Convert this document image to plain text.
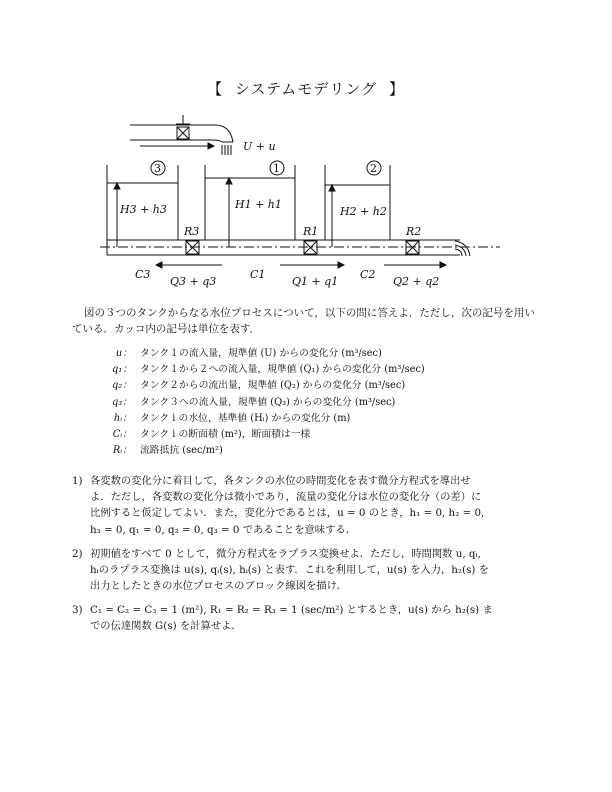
【 システムモデリング 】
U + u
3	1	2
H3 + h3	H1 + h1
H2 + h2
R3	R1	R2
C3
Q3 + q3
C1
Q1 + q1
C2
Q2 + q2

図の３つのタンクからなる水位プロセスについて，以下の問に答えよ．ただし，次の記号を用いている．カッコ内の記号は単位を表す．

u： タンク１の流入量，規準値 (U) からの変化分 (m³/sec)
q₁： タンク１から２への流入量，規準値 (Q₁) からの変化分 (m³/sec)
q₂： タンク２からの流出量，規準値 (Q₂) からの変化分 (m³/sec)
q₃： タンク３への流入量，規準値 (Q₃) からの変化分 (m³/sec)
hᵢ： タンク i の水位，基準値 (Hᵢ) からの変化分 (m)
Cᵢ： タンク i の断面積 (m²)，断面積は一様
Rᵢ： 流路抵抗 (sec/m²)
1) 各変数の変化分に着目して，各タンクの水位の時間変化を表す微分方程式を導出せ
よ．ただし，各変数の変化分は微小であり，流量の変化分は水位の変化分（の差）に
比例すると仮定してよい．また，変化分であるとは，u = 0 のとき，h₁ = 0, h₂ = 0,
h₃ = 0, q₁ = 0, q₂ = 0, q₃ = 0 であることを意味する．
2) 初期値をすべて 0 として，微分方程式をラプラス変換せよ．ただし，時間関数 u, qᵢ,
hᵢのラプラス変換は u(s), qᵢ(s), hᵢ(s) と表す．これを利用して，u(s) を入力，h₂(s) を
出力としたときの水位プロセスのブロック線図を描け．
3) C₁ = C₂ = C₃ = 1 (m²), R₁ = R₂ = R₃ = 1 (sec/m²) とするとき，u(s) から h₂(s) ま
での伝達関数 G(s) を計算せよ．
